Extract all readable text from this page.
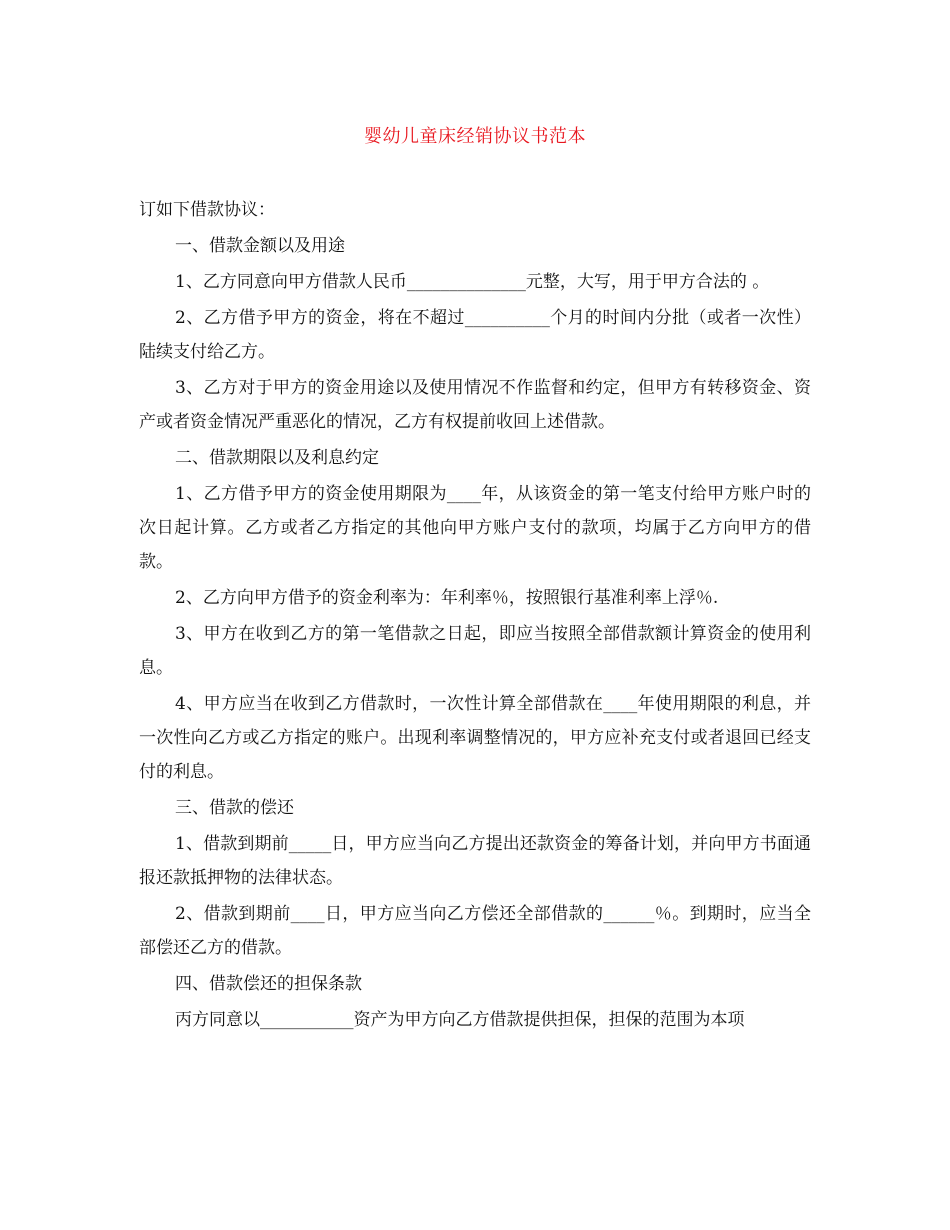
婴幼儿童床经销协议书范本

订如下借款协议：

一、借款金额以及用途

1、乙方同意向甲方借款人民币______________元整，大写，用于甲方合法的 。

2、乙方借予甲方的资金，将在不超过__________个月的时间内分批（或者一次性）陆续支付给乙方。

3、乙方对于甲方的资金用途以及使用情况不作监督和约定，但甲方有转移资金、资产或者资金情况严重恶化的情况，乙方有权提前收回上述借款。

二、借款期限以及利息约定

1、乙方借予甲方的资金使用期限为____年，从该资金的第一笔支付给甲方账户时的次日起计算。乙方或者乙方指定的其他向甲方账户支付的款项，均属于乙方向甲方的借款。

2、乙方向甲方借予的资金利率为：年利率％，按照银行基准利率上浮％.

3、甲方在收到乙方的第一笔借款之日起，即应当按照全部借款额计算资金的使用利息。

4、甲方应当在收到乙方借款时，一次性计算全部借款在____年使用期限的利息，并一次性向乙方或乙方指定的账户。出现利率调整情况的，甲方应补充支付或者退回已经支付的利息。

三、借款的偿还

1、借款到期前_____日，甲方应当向乙方提出还款资金的筹备计划，并向甲方书面通报还款抵押物的法律状态。

2、借款到期前____日，甲方应当向乙方偿还全部借款的______％。到期时，应当全部偿还乙方的借款。

四、借款偿还的担保条款

丙方同意以___________资产为甲方向乙方借款提供担保，担保的范围为本项
